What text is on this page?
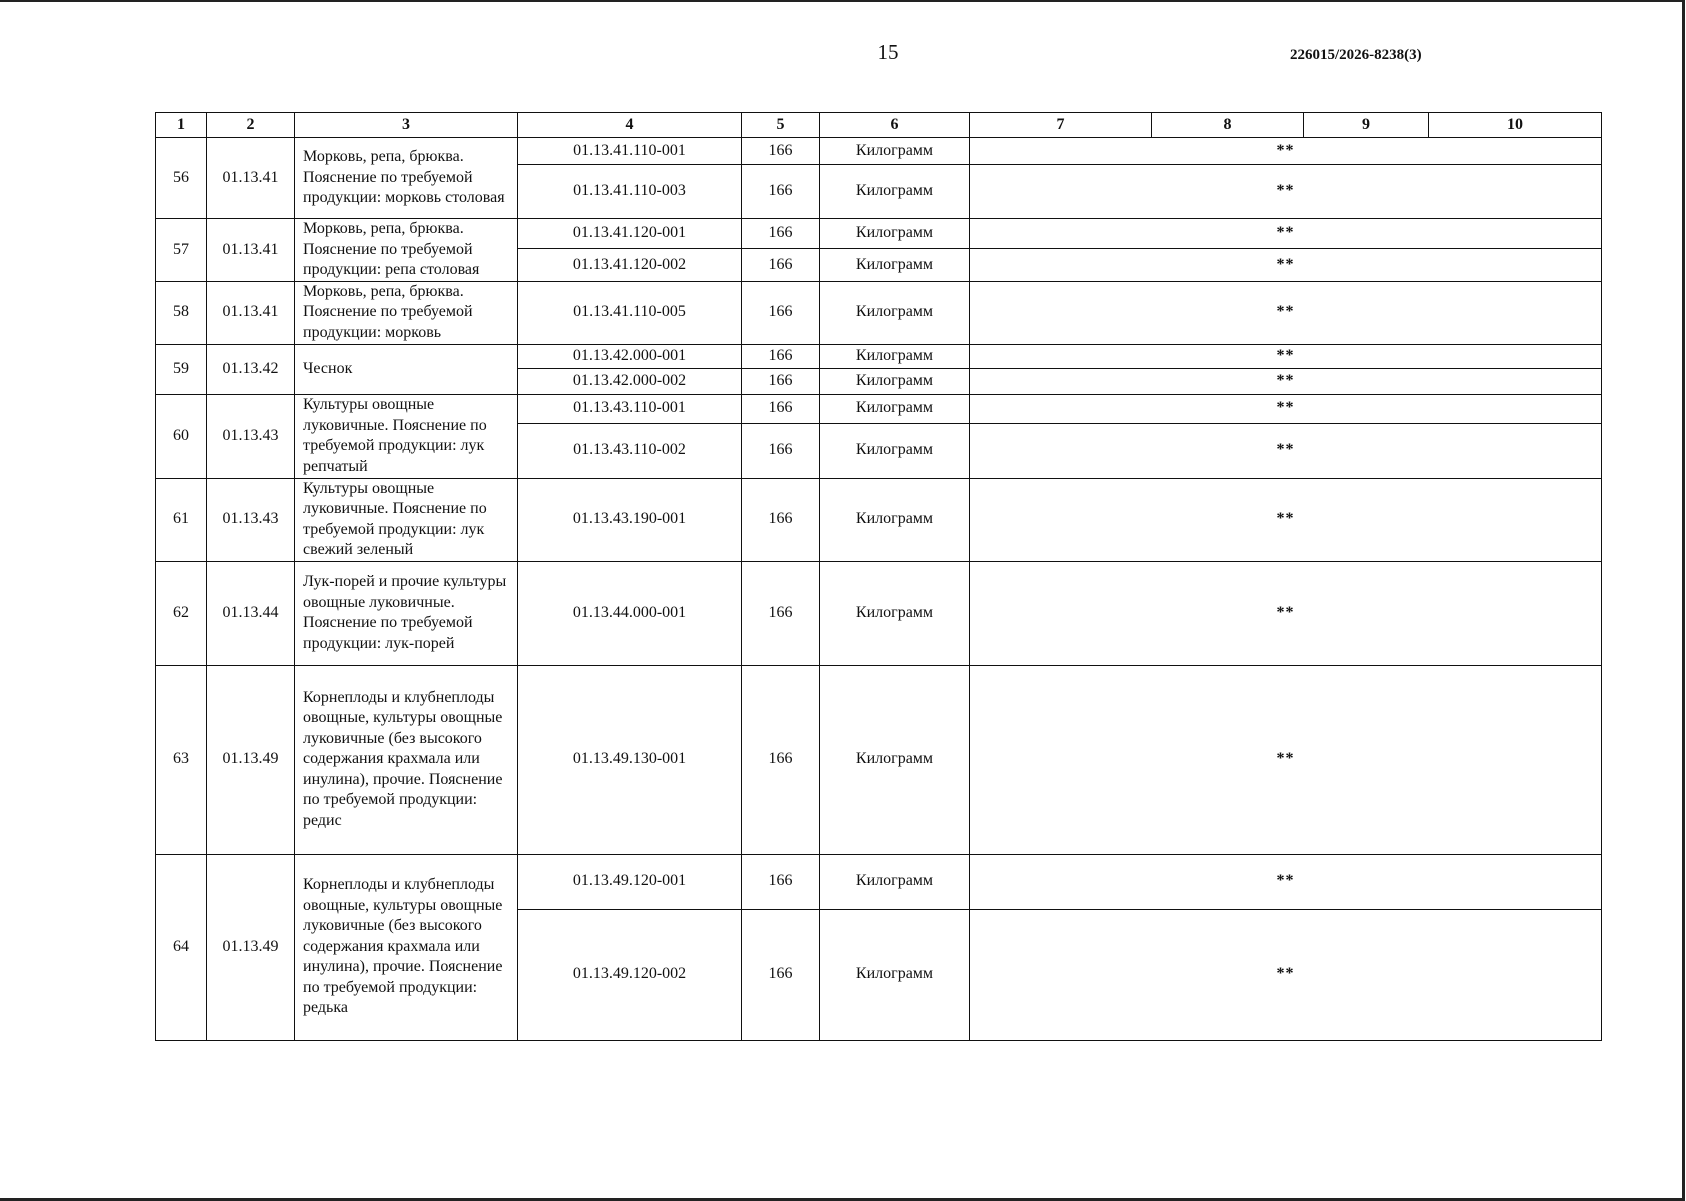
15	226015/2026-8238(3)
1	2	3	4	5	6	7	8	9	10
56	01.13.41	Морковь, репа, брюква. Пояснение по требуемой продукции: морковь столовая	01.13.41.110-001	166	Килограмм	**			
			01.13.41.110-003	166	Килограмм	**			
57	01.13.41	Морковь, репа, брюква. Пояснение по требуемой продукции: репа столовая	01.13.41.120-001	166	Килограмм	**			
			01.13.41.120-002	166	Килограмм	**			
58	01.13.41	Морковь, репа, брюква. Пояснение по требуемой продукции: морковь	01.13.41.110-005	166	Килограмм	**			
59	01.13.42	Чеснок	01.13.42.000-001	166	Килограмм	**			
			01.13.42.000-002	166	Килограмм	**			
60	01.13.43	Культуры овощные луковичные. Пояснение по требуемой продукции: лук репчатый	01.13.43.110-001	166	Килограмм	**			
			01.13.43.110-002	166	Килограмм	**			
61	01.13.43	Культуры овощные луковичные. Пояснение по требуемой продукции: лук свежий зеленый	01.13.43.190-001	166	Килограмм	**			
62	01.13.44	Лук-порей и прочие культуры овощные луковичные. Пояснение по требуемой продукции: лук-порей	01.13.44.000-001	166	Килограмм	**			
63	01.13.49	Корнеплоды и клубнеплоды овощные, культуры овощные луковичные (без высокого содержания крахмала или инулина), прочие. Пояснение по требуемой продукции: редис	01.13.49.130-001	166	Килограмм	**			
64	01.13.49	Корнеплоды и клубнеплоды овощные, культуры овощные луковичные (без высокого содержания крахмала или инулина), прочие. Пояснение по требуемой продукции: редька	01.13.49.120-001	166	Килограмм	**			
			01.13.49.120-002	166	Килограмм	**			
